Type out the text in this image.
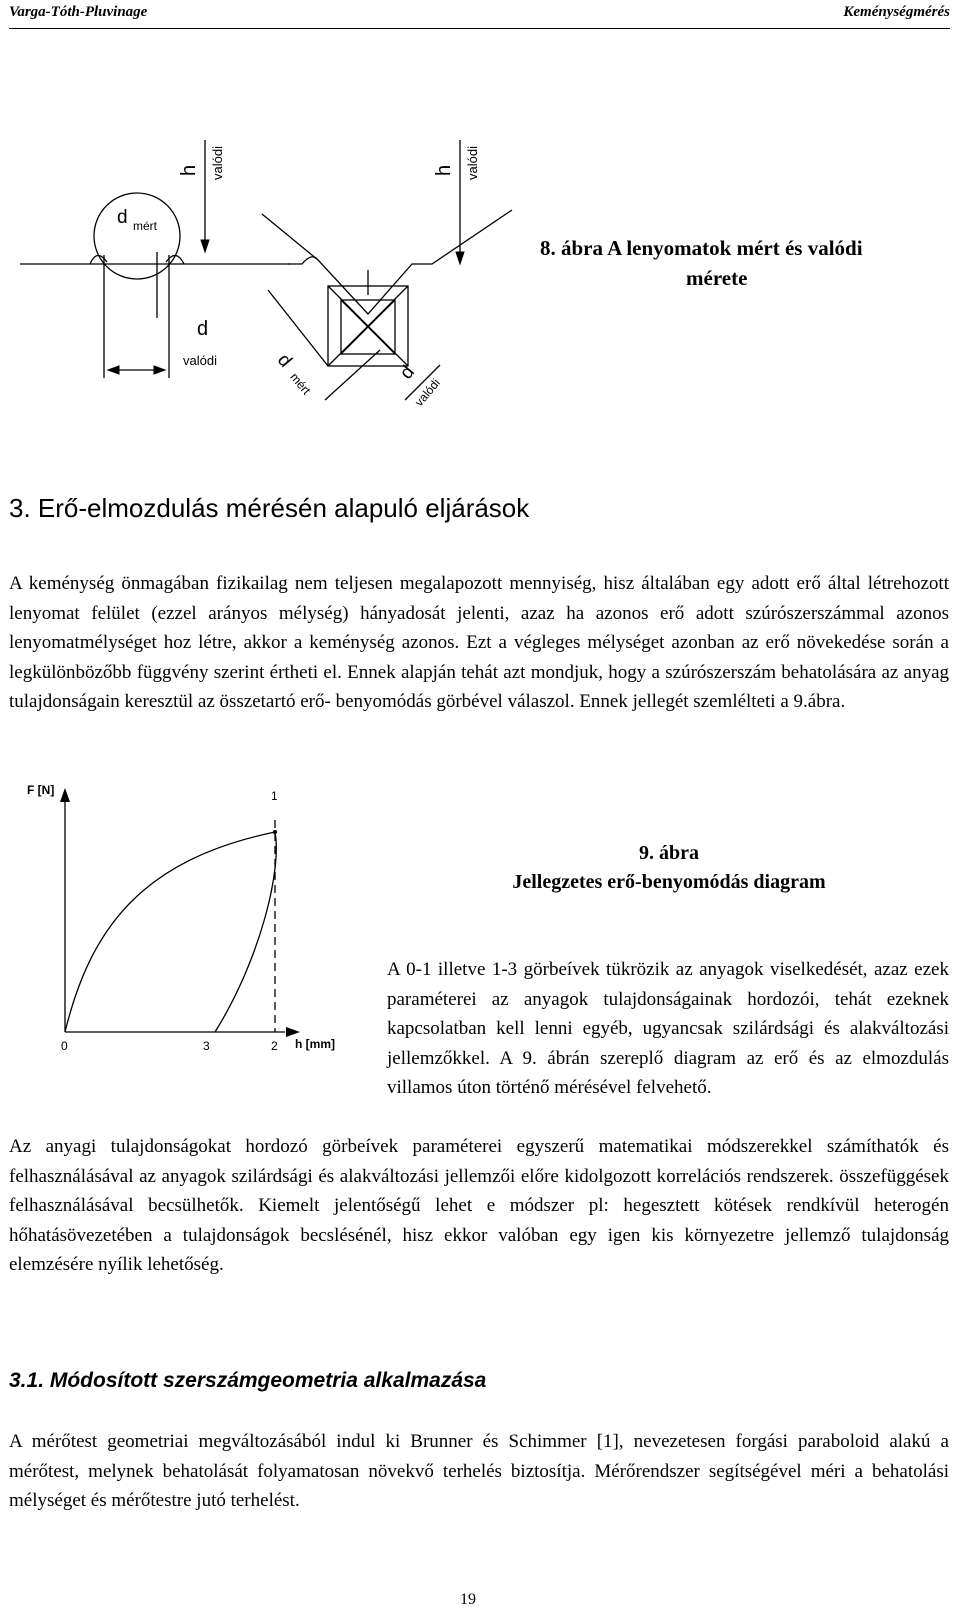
Varga-Tóth-Pluvinage	Keménységmérés
h valódi	h valódi
d mért
d
valódi	d
mért	d
valódi
8. ábra A lenyomatok mért és valódi
mérete
3. Erő-elmozdulás mérésén alapuló eljárások

A keménység önmagában fizikailag nem teljesen megalapozott mennyiség, hisz általában egy adott erő által létrehozott lenyomat felület (ezzel arányos mélység) hányadosát jelenti, azaz ha azonos erő adott szúrószerszámmal azonos lenyomatmélységet hoz létre, akkor a keménység azonos. Ezt a végleges mélységet azonban az erő növekedése során a legkülönbözőbb függvény szerint értheti el. Ennek alapján tehát azt mondjuk, hogy a szúrószerszám behatolására az anyag tulajdonságain keresztül az összetartó erő- benyomódás görbével válaszol. Ennek jellegét szemlélteti a 9.ábra.

F [N]
h [mm]
0
1
2
3
9. ábra
Jellegzetes erő-benyomódás diagram

A 0-1 illetve 1-3 görbeívek tükrözik az anyagok viselkedését, azaz ezek paraméterei az anyagok tulajdonságainak hordozói, tehát ezeknek kapcsolatban kell lenni egyéb, ugyancsak szilárdsági és alakváltozási jellemzőkkel. A 9. ábrán szereplő diagram az erő és az elmozdulás villamos úton történő mérésével felvehető.

Az anyagi tulajdonságokat hordozó görbeívek paraméterei egyszerű matematikai módszerekkel számíthatók és felhasználásával az anyagok szilárdsági és alakváltozási jellemzői előre kidolgozott korrelációs rendszerek. összefüggések felhasználásával becsülhetők. Kiemelt jelentőségű lehet e módszer pl: hegesztett kötések rendkívül heterogén hőhatásövezetében a tulajdonságok becslésénél, hisz ekkor valóban egy igen kis környezetre jellemző tulajdonság elemzésére nyílik lehetőség.

3.1. Módosított szerszámgeometria alkalmazása

A mérőtest geometriai megváltozásából indul ki Brunner és Schimmer [1], nevezetesen forgási paraboloid alakú a mérőtest, melynek behatolását folyamatosan növekvő terhelés biztosítja. Mérőrendszer segítségével méri a behatolási mélységet és mérőtestre jutó terhelést.

19
